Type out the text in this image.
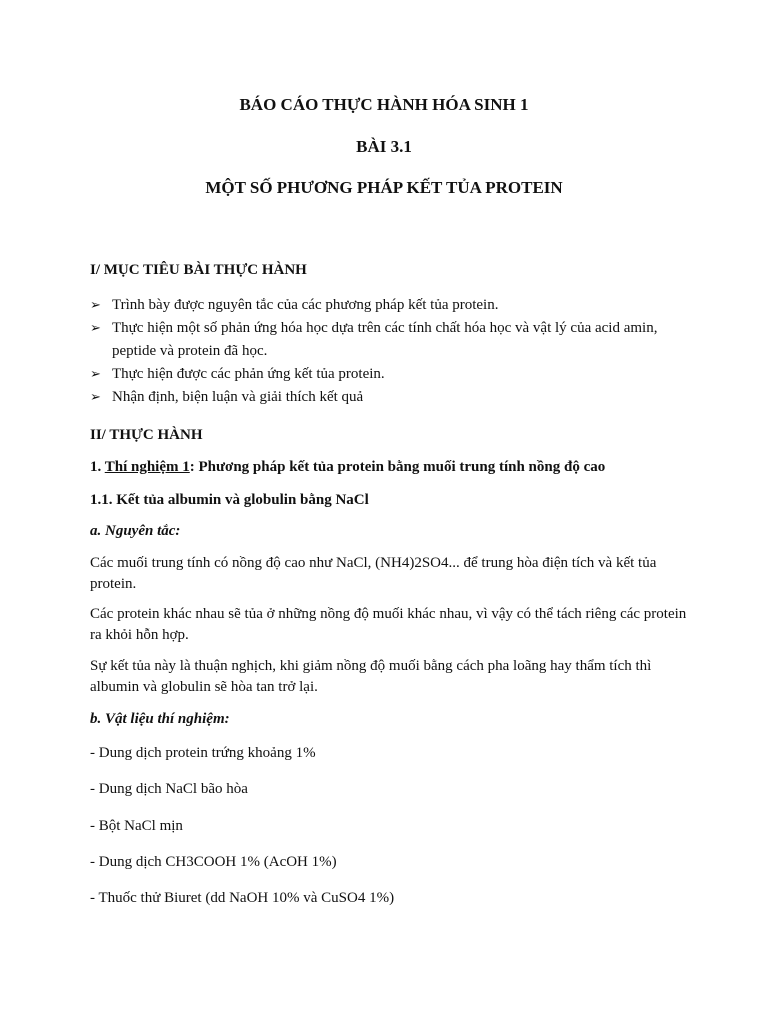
BÁO CÁO THỰC HÀNH HÓA SINH 1
BÀI 3.1
MỘT SỐ PHƯƠNG PHÁP KẾT TỦA PROTEIN
I/ MỤC TIÊU BÀI THỰC HÀNH
➢ Trình bày được nguyên tắc của các phương pháp kết tủa protein.
➢ Thực hiện một số phản ứng hóa học dựa trên các tính chất hóa học và vật lý của acid amin, peptide và protein đã học.
➢ Thực hiện được các phản ứng kết tủa protein.
➢ Nhận định, biện luận và giải thích kết quả
II/ THỰC HÀNH
1. Thí nghiệm 1: Phương pháp kết tủa protein bằng muối trung tính nồng độ cao
1.1. Kết tủa albumin và globulin bằng NaCl
a. Nguyên tắc:
Các muối trung tính có nồng độ cao như NaCl, (NH4)2SO4... để trung hòa điện tích và kết tủa protein.
Các protein khác nhau sẽ tủa ở những nồng độ muối khác nhau, vì vậy có thể tách riêng các protein ra khỏi hỗn hợp.
Sự kết tủa này là thuận nghịch, khi giảm nồng độ muối bằng cách pha loãng hay thẩm tích thì albumin và globulin sẽ hòa tan trở lại.
b. Vật liệu thí nghiệm:
- Dung dịch protein trứng khoảng 1%
- Dung dịch NaCl bão hòa
- Bột NaCl mịn
- Dung dịch CH3COOH 1% (AcOH 1%)
- Thuốc thử Biuret (dd NaOH 10% và CuSO4 1%)
